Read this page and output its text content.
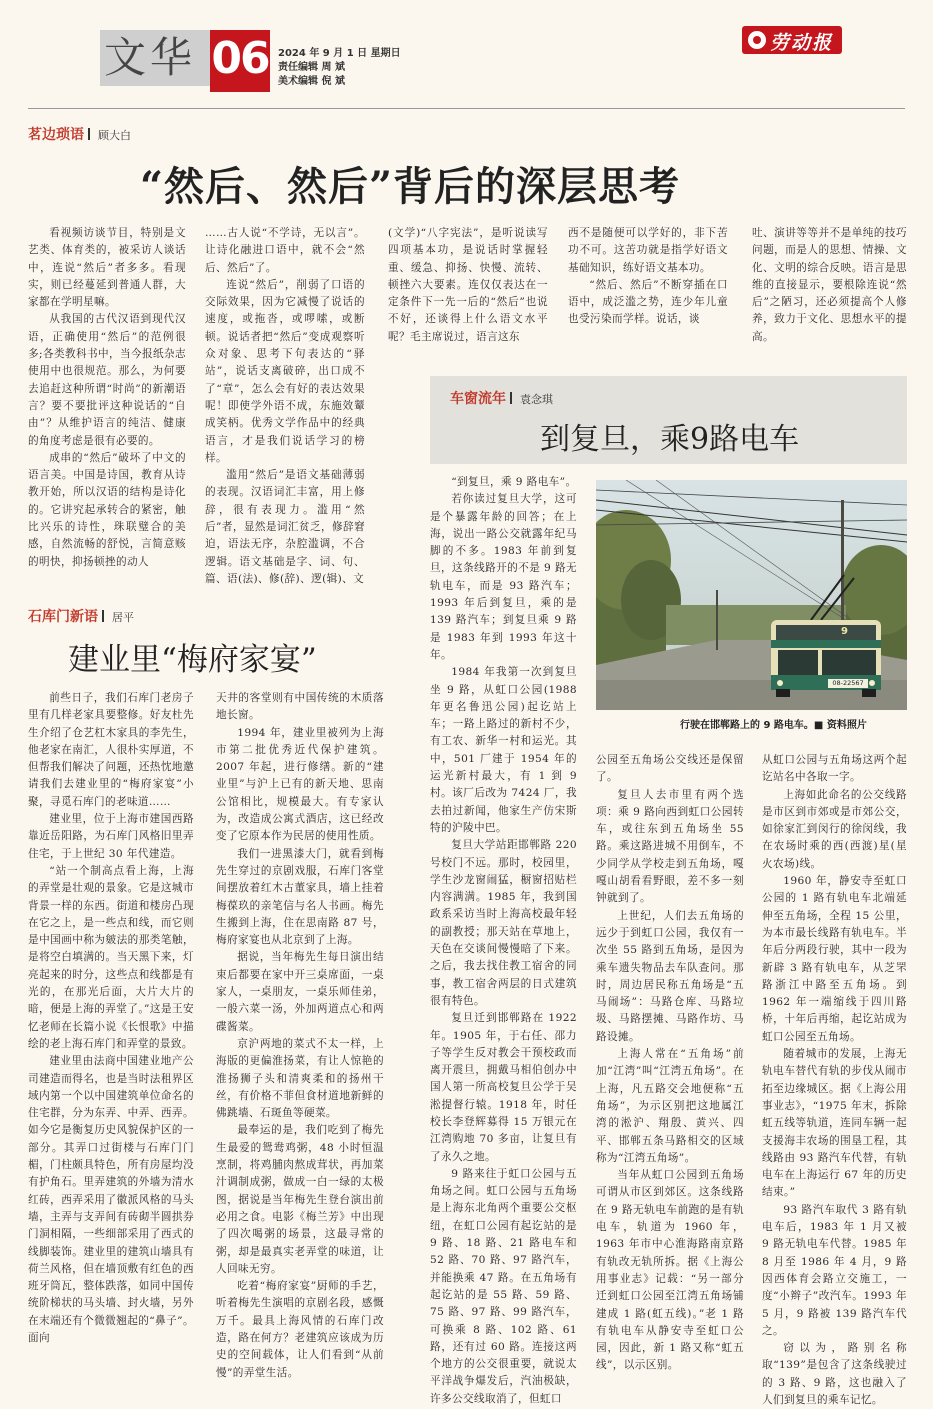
文华 06 2024 年 9 月 1 日 星期日
责任编辑 周 斌
美术编辑 倪 斌
劳动报
茗边琐语 顾大白
“然后、然后”背后的深层思考

看视频访谈节目，特别是文艺类、体育类的，被采访人谈话中，连说“然后”者多多。看现实，则已经蔓延到普通人群，大家都在学明星嘛。

从我国的古代汉语到现代汉语，正确使用“然后”的范例很多;各类教科书中，当今报纸杂志使用中也很规范。那么，为何要去追赶这种所谓“时尚”的新潮语言？要不要批评这种说话的“自由”？从维护语言的纯洁、健康的角度考虑是很有必要的。

成串的“然后”破坏了中文的语言美。中国是诗国，教育从诗教开始，所以汉语的结构是诗化的。它讲究起承转合的紧密，触比兴乐的诗性，珠联璧合的美感，自然流畅的舒悦，言简意赅的明快，抑扬顿挫的动人

……古人说“不学诗，无以言”。让诗化融进口语中，就不会“然后、然后”了。

连说“然后”，削弱了口语的交际效果，因为它减慢了说话的速度，或拖沓，或啰嗦，或断顿。说话者把“然后”变成观察听众对象、思考下句表达的“驿站”，说话支离破碎，出口成不了“章”，怎么会有好的表达效果呢！即使学外语不成，东施效颦成笑柄。优秀文学作品中的经典语言，才是我们说话学习的榜样。

滥用“然后”是语文基础薄弱的表现。汉语词汇丰富，用上修辞，很有表现力。滥用“然后”者，显然是词汇贫乏，修辞窘迫，语法无序，杂腔滥调，不合逻辑。语文基础是字、词、句、篇、语(法)、修(辞)、逻(辑)、文

(文学)“八字宪法”，是听说读写四项基本功，是说话时掌握轻重、缓急、抑扬、快慢、流转、顿挫六大要素。连仅仅表达在一定条件下一先一后的“然后”也说不好，还谈得上什么语文水平呢？毛主席说过，语言这东

西不是随便可以学好的，非下苦功不可。这苦功就是指学好语文基础知识，练好语文基本功。

“然后、然后”不断穿插在口语中，成泛滥之势，连少年儿童也受污染而学样。说话，谈

吐、演讲等等并不是单纯的技巧问题，而是人的思想、情操、文化、文明的综合反映。语言是思维的直接显示，要根除连说“然后”之陋习，还必须提高个人修养，致力于文化、思想水平的提高。

车窗流年 袁念琪
到复旦，乘9路电车

“到复旦，乘 9 路电车”。

若你读过复旦大学，这可是个暴露年龄的回答；在上海，说出一路公交就露年纪马脚的不多。1983 年前到复旦，这条线路开的不是 9 路无轨电车，而是 93 路汽车；1993 年后到复旦，乘的是 139 路汽车；到复旦乘 9 路是 1983 年到 1993 年这十年。

1984 年我第一次到复旦坐 9 路，从虹口公园(1988 年更名鲁迅公园)起讫站上车；一路上路过的新村不少，有工农、新华一村和运光。其中，501 厂建于 1954 年的运光新村最大，有 1 到 9 村。该厂后改为 7424 厂，我去拍过新闻，他家生产仿宋斯特的沪陵中巴。

复旦大学站距邯郸路 220 号校门不远。那时，校园里，学生沙龙窗闹猛，橱窗招贴栏内容满满。1985 年，我到国政系采访当时上海高校最年轻的副教授；那天站在草地上，天色在交谈间慢慢暗了下来。之后，我去找住教工宿舍的同事，教工宿舍两层的日式建筑很有特色。

复旦迁到邯郸路在 1922 年。1905 年，于右任、邵力子等学生反对教会干预校政而离开震旦，拥戴马相伯创办中国人第一所高校复旦公学于吴淞提督行辕。1918 年，时任校长李登辉募得 15 万银元在江湾购地 70 多亩，让复旦有了永久之地。

9 路来往于虹口公园与五角场之间。虹口公园与五角场是上海东北角两个重要公交枢纽，在虹口公园有起讫站的是 9 路、18 路、21 路电车和 52 路、70 路、97 路汽车，并能换乘 47 路。在五角场有起讫站的是 55 路、59 路、75 路、97 路、99 路汽车，可换乘 8 路、102 路、61 路，还有过 60 路。连接这两个地方的公交很重要，就说太平洋战争爆发后，汽油极缺，许多公交线取消了，但虹口

9
08-22567
行驶在邯郸路上的 9 路电车。■ 资料照片

公园至五角场公交线还是保留了。

复旦人去市里有两个选项：乘 9 路向西到虹口公园转车，或往东到五角场坐 55 路。乘这路进城不用倒车，不少同学从学校走到五角场，嘎嘎山胡看看野眼，差不多一刻钟就到了。

上世纪，人们去五角场的远少于到虹口公园，我仅有一次坐 55 路到五角场，是因为乘车遗失物品去车队查问。那时，周边居民称五角场是“五马闹场”：马路仓库、马路垃圾、马路摆摊、马路作坊、马路设摊。

上海人常在“五角场”前加“江湾”叫“江湾五角场”。在上海，凡五路交会地便称“五角场”，为示区别把这地属江湾的淞沪、翔殷、黄兴、四平、邯郸五条马路相交的区域称为“江湾五角场”。

当年从虹口公园到五角场可谓从市区到郊区。这条线路在 9 路无轨电车前跑的是有轨电车，轨道为 1960 年，1963 年市中心淮海路南京路有轨改无轨所拆。据《上海公用事业志》记载：“另一部分迁到虹口公园至江湾五角场铺建成 1 路(虹五线)。”老 1 路有轨电车从静安寺至虹口公园，因此，新 1 路又称“虹五线”，以示区别。

从虹口公园与五角场这两个起讫站名中各取一字。

上海如此命名的公交线路是市区到市郊或是市郊公交，如徐家汇到闵行的徐闵线，我在农场时乘的西(西渡)星(星火农场)线。

1960 年，静安寺至虹口公园的 1 路有轨电车北端延伸至五角场，全程 15 公里，为本市最长线路有轨电车。半年后分两段行驶，其中一段为新辟 3 路有轨电车，从芝罘路浙江中路至五角场。到 1962 年一端缩线于四川路桥，十年后再缩，起讫站成为虹口公园至五角场。

随着城市的发展，上海无轨电车替代有轨的步伐从闹市拓至边缘城区。据《上海公用事业志》，“1975 年末，拆除虹五线等轨道，连同车辆一起支援海丰农场的围垦工程，其线路由 93 路汽车代替，有轨电车在上海运行 67 年的历史结束。”

93 路汽车取代 3 路有轨电车后，1983 年 1 月又被 9 路无轨电车代替。1985 年 8 月至 1986 年 4 月，9 路因西体育会路立交施工，一度“小辫子”改汽车。1993 年 5 月，9 路被 139 路汽车代之。

窃以为，路别名称取“139”是包含了这条线驶过的 3 路、9 路，这也融入了人们到复旦的乘车记忆。

石库门新语 居平
建业里“梅府家宴”

前些日子，我们石库门老房子里有几样老家具要整修。好友杜先生介绍了仓艺杠木家具的李先生，他老家在南汇，人很朴实厚道，不但帮我们解决了问题，还热忱地邀请我们去建业里的“梅府家宴”小聚，寻觅石库门的老味道……

建业里，位于上海市建国西路靠近岳阳路，为石库门风格旧里弄住宅，于上世纪 30 年代建造。

“站一个制高点看上海，上海的弄堂是壮观的景象。它是这城市背景一样的东西。街道和楼房凸现在它之上，是一些点和线，而它则是中国画中称为皴法的那类笔触，是将空白填满的。当天黑下来，灯亮起来的时分，这些点和线都是有光的，在那光后面，大片大片的暗，便是上海的弄堂了。”这是王安忆老师在长篇小说《长恨歌》中描绘的老上海石库门和弄堂的景致。

建业里由法商中国建业地产公司建造而得名，也是当时法租界区域内第一个以中国建筑单位命名的住宅群，分为东弄、中弄、西弄。如今它是衡复历史风貌保护区的一部分。其弄口过街楼与石库门门楣，门柱颇具特色，所有房屋均没有护角石。里弄建筑的外墙为清水红砖，西弄采用了徽派风格的马头墙，主弄与支弄间有砖砌半圆拱券门洞相隔，一些细部采用了西式的线脚装饰。建业里的建筑山墙具有荷兰风格，但在墙顶敷有红色的西班牙筒瓦，整体跌落，如同中国传统阶梯状的马头墙、封火墙，另外在末端还有个微微翘起的“鼻子”。面向

天井的客堂则有中国传统的木质落地长窗。

1994 年，建业里被列为上海市第二批优秀近代保护建筑。2007 年起，进行修缮。新的“建业里”与沪上已有的新天地、思南公馆相比，规模最大。有专家认为，改造成公寓式酒店，这已经改变了它原本作为民居的使用性质。

我们一进黑漆大门，就看到梅先生穿过的京剧戏服，石库门客堂间摆放着红木古董家具，墙上挂着梅葆玖的亲笔信与名人书画。梅先生搬到上海，住在思南路 87 号，梅府家宴也从北京到了上海。

据说，当年梅先生每日演出结束后都要在家中开三桌席面，一桌家人，一桌朋友，一桌乐师佳弟，一般六菜一汤，外加两道点心和两碟酱菜。

京沪两地的菜式不太一样，上海版的更偏淮扬菜，有让人惊艳的淮扬狮子头和清爽柔和的扬州干丝，有价格不菲但食材道地新鲜的佛跳墙、石斑鱼等硬菜。

最奉运的是，我们吃到了梅先生最爱的鸳鸯鸡粥，48 小时恒温烹制，将鸡脯肉熬成茸状，再加菜汁调制成粥，做成一白一绿的太极图，据说是当年梅先生登台演出前必用之食。电影《梅兰芳》中出现了四次喝粥的场景，这最寻常的粥，却是最真实老弄堂的味道，让人回味无穷。

吃着“梅府家宴”厨师的手艺，听着梅先生演唱的京剧名段，感慨万千。最具上海风情的石库门改造，路在何方？老建筑应该成为历史的空间载体，让人们看到“从前慢”的弄堂生活。
